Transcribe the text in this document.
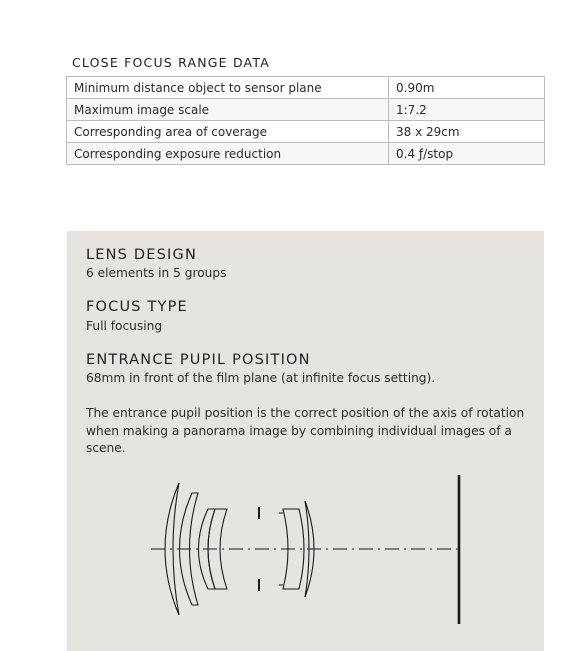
CLOSE FOCUS RANGE DATA
Minimum distance object to sensor plane	0.90m
Maximum image scale	1:7.2
Corresponding area of coverage	38 x 29cm
Corresponding exposure reduction	0.4 ƒ/stop
LENS DESIGN

6 elements in 5 groups

FOCUS TYPE

Full focusing

ENTRANCE PUPIL POSITION

68mm in front of the film plane (at infinite focus setting).

The entrance pupil position is the correct position of the axis of rotation when making a panorama image by combining individual images of a scene.
